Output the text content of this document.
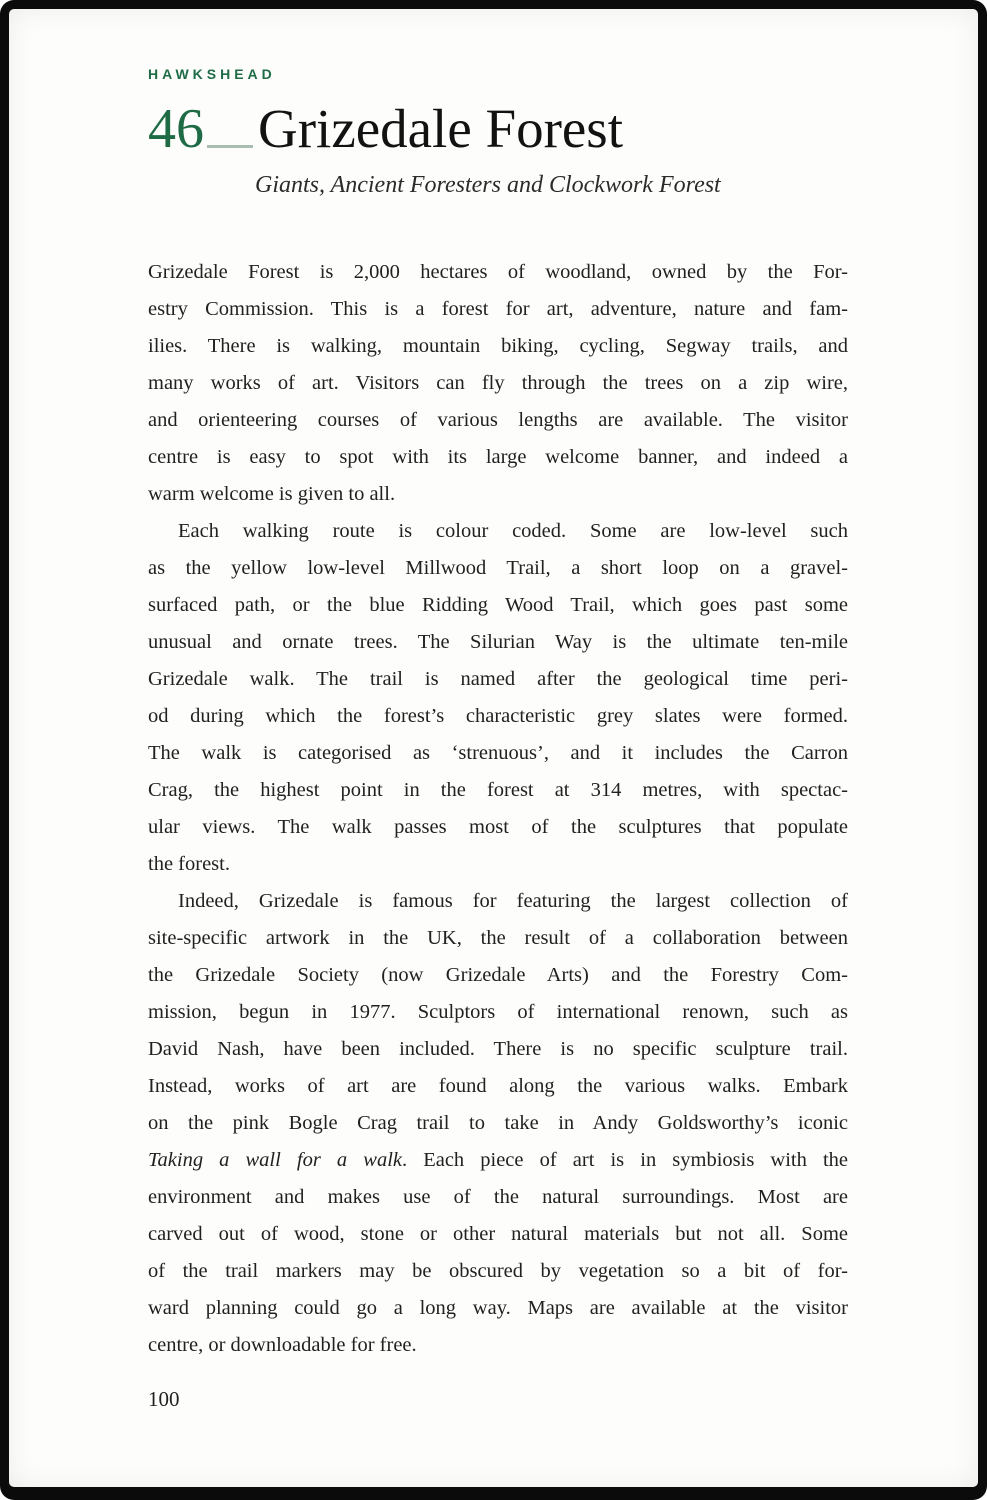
HAWKSHEAD
46 Grizedale Forest
Giants, Ancient Foresters and Clockwork Forest
Grizedale Forest is 2,000 hectares of woodland, owned by the For-
estry Commission. This is a forest for art, adventure, nature and fam-
ilies. There is walking, mountain biking, cycling, Segway trails, and
many works of art. Visitors can fly through the trees on a zip wire,
and orienteering courses of various lengths are available. The visitor
centre is easy to spot with its large welcome banner, and indeed a
warm welcome is given to all.
Each walking route is colour coded. Some are low-level such
as the yellow low-level Millwood Trail, a short loop on a gravel-
surfaced path, or the blue Ridding Wood Trail, which goes past some
unusual and ornate trees. The Silurian Way is the ultimate ten-mile
Grizedale walk. The trail is named after the geological time peri-
od during which the forest’s characteristic grey slates were formed.
The walk is categorised as ‘strenuous’, and it includes the Carron
Crag, the highest point in the forest at 314 metres, with spectac-
ular views. The walk passes most of the sculptures that populate
the forest.
Indeed, Grizedale is famous for featuring the largest collection of
site-specific artwork in the UK, the result of a collaboration between
the Grizedale Society (now Grizedale Arts) and the Forestry Com-
mission, begun in 1977. Sculptors of international renown, such as
David Nash, have been included. There is no specific sculpture trail.
Instead, works of art are found along the various walks. Embark
on the pink Bogle Crag trail to take in Andy Goldsworthy’s iconic
Taking a wall for a walk. Each piece of art is in symbiosis with the
environment and makes use of the natural surroundings. Most are
carved out of wood, stone or other natural materials but not all. Some
of the trail markers may be obscured by vegetation so a bit of for-
ward planning could go a long way. Maps are available at the visitor
centre, or downloadable for free.
100
